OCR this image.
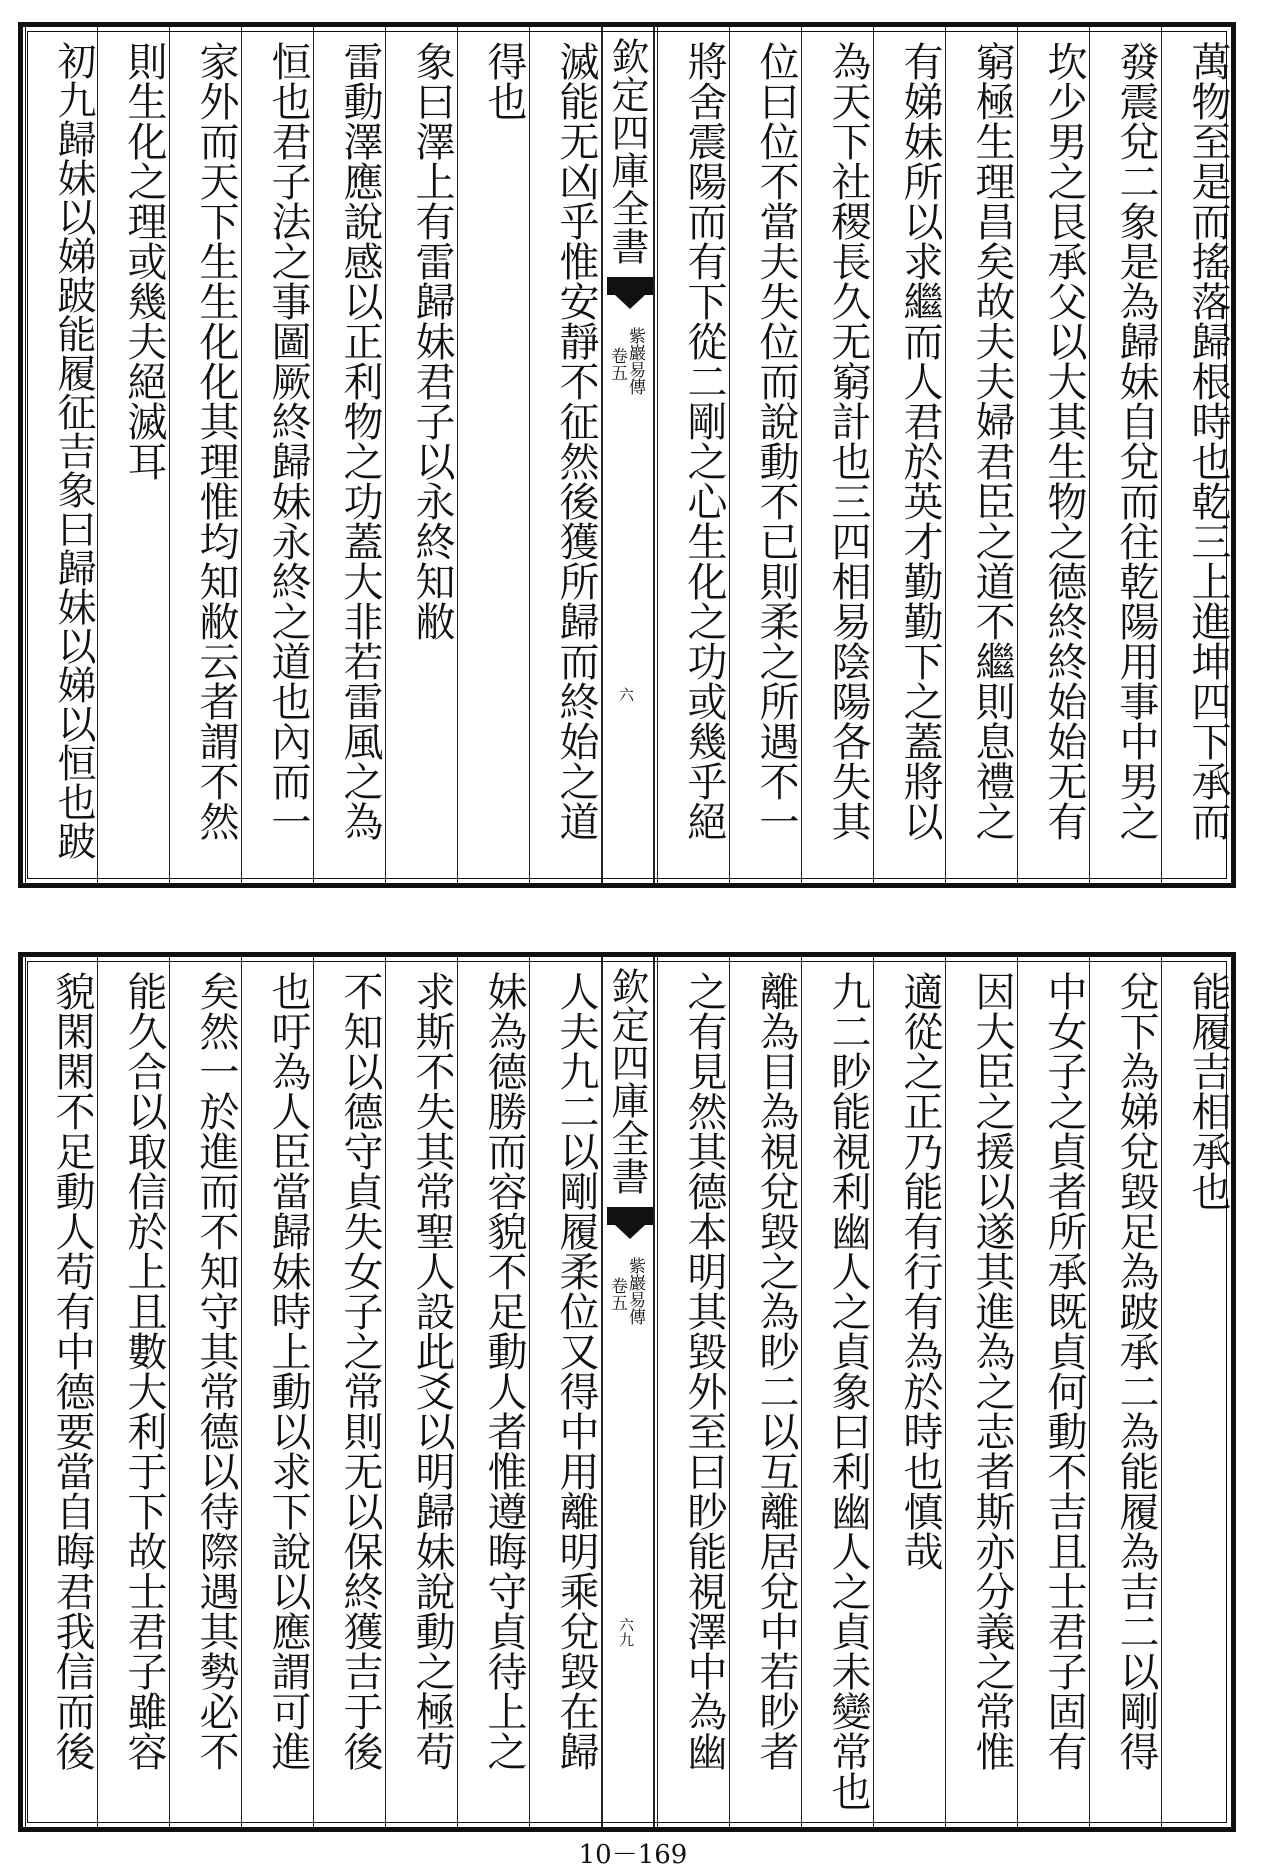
萬物至是而搖落歸根時也乾三上進坤四下承而
發震兌二象是為歸妹自兌而往乾陽用事中男之
坎少男之艮承父以大其生物之德終終始始无有
窮極生理昌矣故夫夫婦君臣之道不繼則息禮之
有娣妹所以求繼而人君於英才勤勤下之蓋將以
為天下社稷長久无窮計也三四相易陰陽各失其
位曰位不當夫失位而說動不已則柔之所遇不一
將舍震陽而有下從二剛之心生化之功或幾乎絕
欽定四庫全書
紫巖易傳
卷五
六
滅能无凶乎惟安靜不征然後獲所歸而終始之道
得也
象曰澤上有雷歸妹君子以永終知敝
雷動澤應說感以正利物之功蓋大非若雷風之為
恒也君子法之事圖厥終歸妹永終之道也內而一
家外而天下生生化化其理惟均知敝云者謂不然
則生化之理或幾夫絕滅耳
初九歸妹以娣跛能履征吉象曰歸妹以娣以恒也跛
能履吉相承也
兌下為娣兌毀足為跛承二為能履為吉二以剛得
中女子之貞者所承既貞何動不吉且士君子固有
因大臣之援以遂其進為之志者斯亦分義之常惟
適從之正乃能有行有為於時也慎哉
九二眇能視利幽人之貞象曰利幽人之貞未變常也
離為目為視兌毀之為眇二以互離居兌中若眇者
之有見然其德本明其毀外至曰眇能視澤中為幽
欽定四庫全書
紫巖易傳
卷五
六九
人夫九二以剛履柔位又得中用離明乘兌毀在歸
妹為德勝而容貌不足動人者惟遵晦守貞待上之
求斯不失其常聖人設此爻以明歸妹說動之極苟
不知以德守貞失女子之常則无以保終獲吉于後
也吁為人臣當歸妹時上動以求下說以應謂可進
矣然一於進而不知守其常德以待際遇其勢必不
能久合以取信於上且數大利于下故士君子雖容
貌閑閑不足動人苟有中德要當自晦君我信而後
10－169
